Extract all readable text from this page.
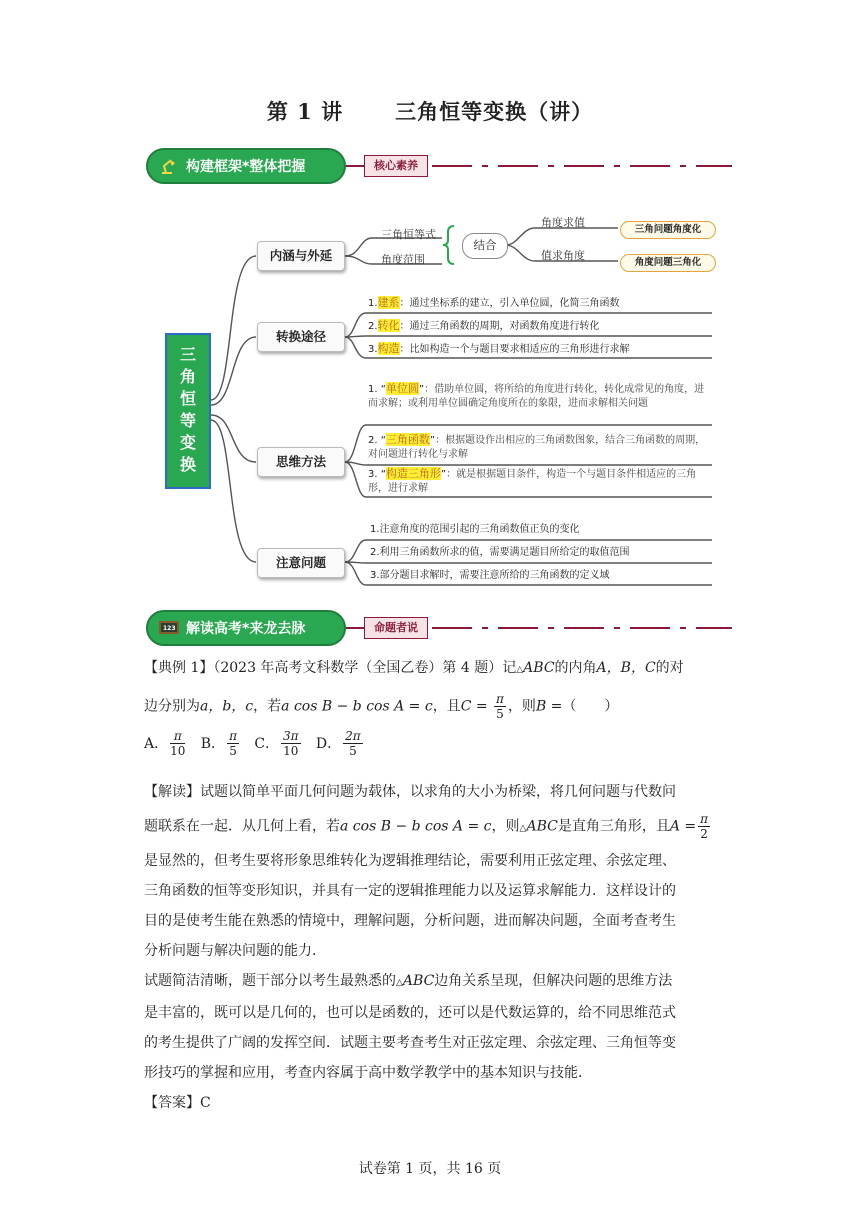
第 1 讲 三角恒等变换（讲）
构建框架*整体把握	核心素养
三
角
恒
等
变
换
内涵与外延
三角恒等式
角度范围
结合
角度求值
值求角度
三角问题角度化
角度问题三角化
转换途径
1.建系：通过坐标系的建立，引入单位圆，化简三角函数
2.转化：通过三角函数的周期，对函数角度进行转化
3.构造：比如构造一个与题目要求相适应的三角形进行求解
思维方法
1. “单位圆”：借助单位圆，将所给的角度进行转化，转化成常见的角度，进而求解；或利用单位圆确定角度所在的象限，进而求解相关问题
2. “三角函数”：根据题设作出相应的三角函数图象，结合三角函数的周期，对问题进行转化与求解
3. “构造三角形”：就是根据题目条件，构造一个与题目条件相适应的三角形，进行求解
注意问题
1.注意角度的范围引起的三角函数值正负的变化
2.利用三角函数所求的值，需要满足题目所给定的取值范围
3.部分题目求解时，需要注意所给的三角函数的定义域
123 解读高考*来龙去脉	命题者说
【典例 1】（2023 年高考文科数学（全国乙卷）第 4 题）记△ABC的内角A，B，C的对
边分别为a，b，c，若a cos B − b cos A = c，且$C = \frac{\pi}{5}$ ，则B =（　　）
A． $\frac{\pi}{10}$ B． $\frac{\pi}{5}$ C． $\frac{3\pi}{10}$ D． $\frac{2\pi}{5}$
【解读】试题以简单平面几何问题为载体，以求角的大小为桥梁，将几何问题与代数问
题联系在一起．从几何上看，若a cos B − b cos A = c，则△ABC是直角三角形，且$A = \frac{\pi}{2}$
是显然的，但考生要将形象思维转化为逻辑推理结论，需要利用正弦定理、余弦定理、
三角函数的恒等变形知识，并具有一定的逻辑推理能力以及运算求解能力．这样设计的
目的是使考生能在熟悉的情境中，理解问题，分析问题，进而解决问题，全面考查考生
分析问题与解决问题的能力．
试题简洁清晰，题干部分以考生最熟悉的△ABC边角关系呈现，但解决问题的思维方法
是丰富的，既可以是几何的，也可以是函数的，还可以是代数运算的，给不同思维范式
的考生提供了广阔的发挥空间．试题主要考查考生对正弦定理、余弦定理、三角恒等变
形技巧的掌握和应用，考查内容属于高中数学教学中的基本知识与技能．
【答案】C
试卷第 1 页，共 16 页
